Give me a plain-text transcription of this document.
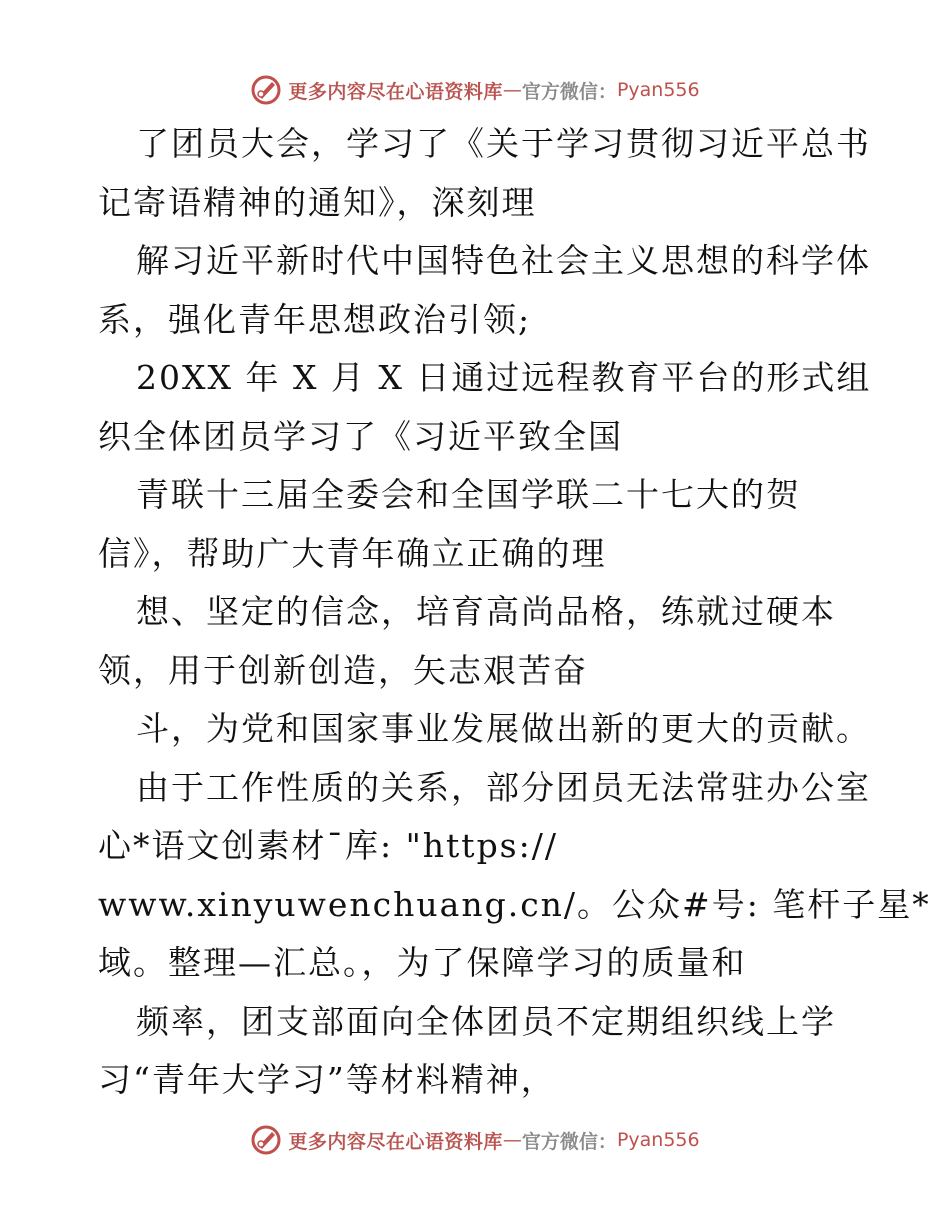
更多内容尽在心语资料库 — 官方微信： Pyan556
了团员大会，学习了《关于学习贯彻习近平总书
记寄语精神的通知》，深刻理
解习近平新时代中国特色社会主义思想的科学体
系，强化青年思想政治引领;
20XX 年 X 月 X 日通过远程教育平台的形式组
织全体团员学习了《习近平致全国
青联十三届全委会和全国学联二十七大的贺
信》，帮助广大青年确立正确的理
想、坚定的信念，培育高尚品格，练就过硬本
领，用于创新创造，矢志艰苦奋
斗，为党和国家事业发展做出新的更大的贡献。
由于工作性质的关系，部分团员无法常驻办公室
心*语文创素材¯库: "https://
www.xinyuwenchuang.cn/。公众#号: 笔杆子星*
域。整理—汇总。，为了保障学习的质量和
频率，团支部面向全体团员不定期组织线上学
习“青年大学习”等材料精神，
更多内容尽在心语资料库 — 官方微信： Pyan556
